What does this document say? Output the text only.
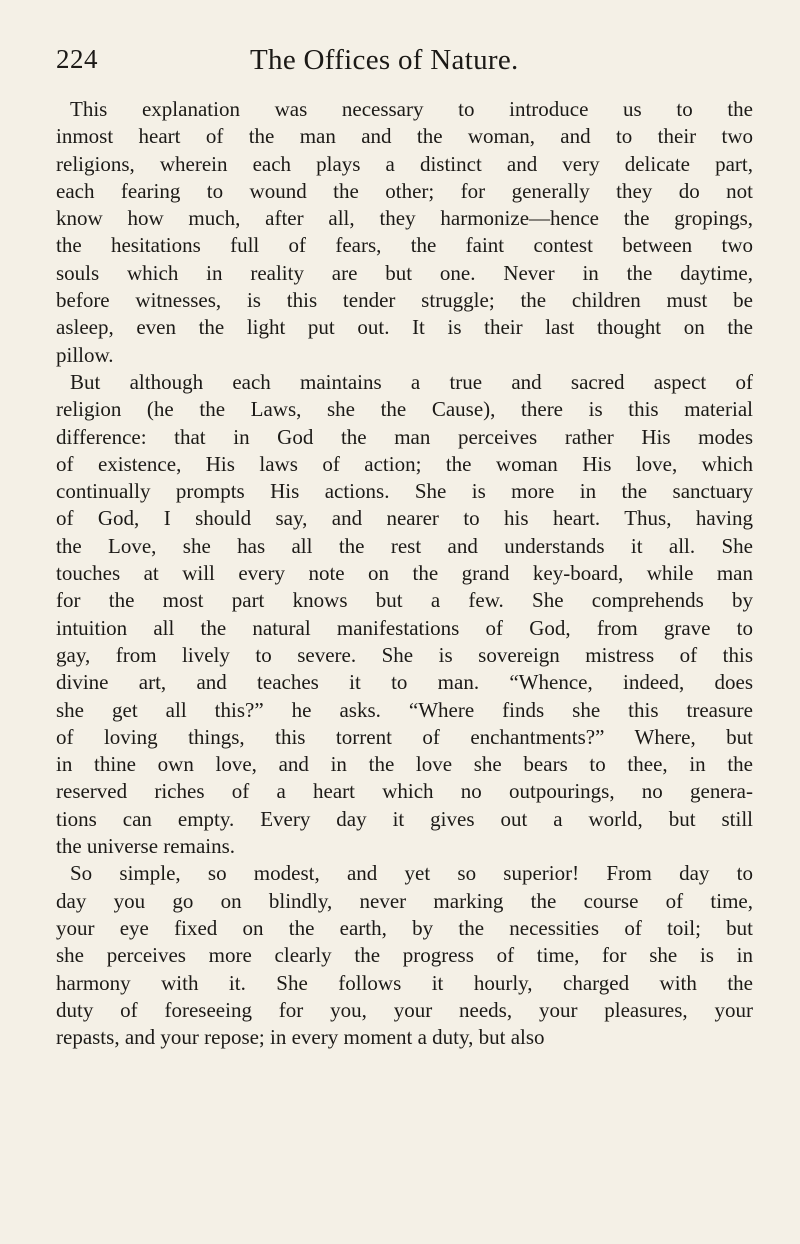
224	The Offices of Nature.
This explanation was necessary to introduce us to the
inmost heart of the man and the woman, and to their two
religions, wherein each plays a distinct and very delicate part,
each fearing to wound the other; for generally they do not
know how much, after all, they harmonize—hence the gropings,
the hesitations full of fears, the faint contest between two
souls which in reality are but one. Never in the daytime,
before witnesses, is this tender struggle; the children must be
asleep, even the light put out. It is their last thought on the
pillow.
But although each maintains a true and sacred aspect of
religion (he the Laws, she the Cause), there is this material
difference: that in God the man perceives rather His modes
of existence, His laws of action; the woman His love, which
continually prompts His actions. She is more in the sanctuary
of God, I should say, and nearer to his heart. Thus, having
the Love, she has all the rest and understands it all. She
touches at will every note on the grand key-board, while man
for the most part knows but a few. She comprehends by
intuition all the natural manifestations of God, from grave to
gay, from lively to severe. She is sovereign mistress of this
divine art, and teaches it to man. “Whence, indeed, does
she get all this?” he asks. “Where finds she this treasure
of loving things, this torrent of enchantments?” Where, but
in thine own love, and in the love she bears to thee, in the
reserved riches of a heart which no outpourings, no genera-
tions can empty. Every day it gives out a world, but still
the universe remains.
So simple, so modest, and yet so superior! From day to
day you go on blindly, never marking the course of time,
your eye fixed on the earth, by the necessities of toil; but
she perceives more clearly the progress of time, for she is in
harmony with it. She follows it hourly, charged with the
duty of foreseeing for you, your needs, your pleasures, your
repasts, and your repose; in every moment a duty, but also
